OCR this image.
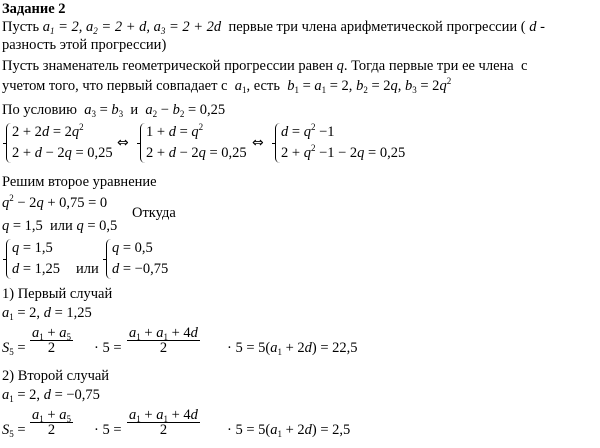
Задание 2
Пусть $a_1 = 2$, $a_2 = 2 + d$, $a_3 = 2 + 2d$ первые три члена арифметической прогрессии ( d -
разность этой прогрессии)
Пусть знаменатель геометрической прогрессии равен q. Тогда первые три ее члена  с
учетом того, что первый совпадает с  $a_1$, есть  $b_1 = a_1 = 2$, $b_2 = 2q$, $b_3 = 2q^2$
По условию  $a_3 = b_3$  и  $a_2 - b_2 = 0,25$
$2 + 2d = 2q^2$
2 + d − 2q = 0,25
⇔
$1 + d = q^2$
2 + d − 2q = 0,25
⇔
$d = q^2 -1$
$2 + q^2 -1 - 2q = 0,25$
Решим второе уравнение
$q^2 - 2q + 0,75 = 0$
Откуда
q = 1,5  или q = 0,5
q = 1,5
d = 1,25 или
q = 0,5
d = −0,75
1) Первый случай
$a_1 = 2$, d = 1,25
$S_5 = \frac{a_1 + a_5}{2} \cdot 5 = \frac{a_1 + a_1 + 4d}{2} \cdot 5 = 5(a_1 + 2d) = 22,5$
2) Второй случай
$a_1 = 2$, d = −0,75
$S_5 = \frac{a_1 + a_5}{2} \cdot 5 = \frac{a_1 + a_1 + 4d}{2} \cdot 5 = 5(a_1 + 2d) = 2,5$
